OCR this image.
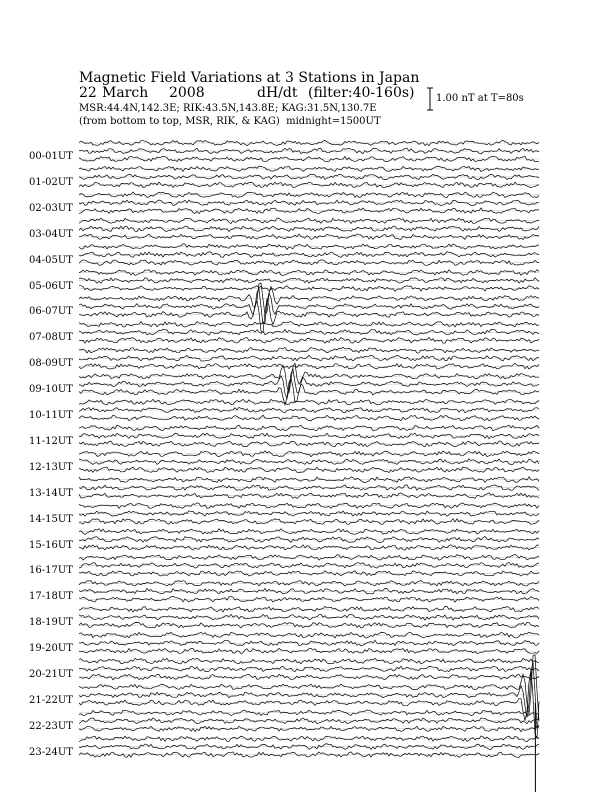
Magnetic Field Variations at 3 Stations in Japan
22 March 2008	dH/dt (filter:40-160s)
MSR:44.4N,142.3E; RIK:43.5N,143.8E; KAG:31.5N,130.7E
(from bottom to top, MSR, RIK, & KAG) midnight=1500UT
1.00 nT at T=80s
00-01UT
01-02UT
02-03UT
03-04UT
04-05UT
05-06UT
06-07UT
07-08UT
08-09UT
09-10UT
10-11UT
11-12UT
12-13UT
13-14UT
14-15UT
15-16UT
16-17UT
17-18UT
18-19UT
19-20UT
20-21UT
21-22UT
22-23UT
23-24UT
